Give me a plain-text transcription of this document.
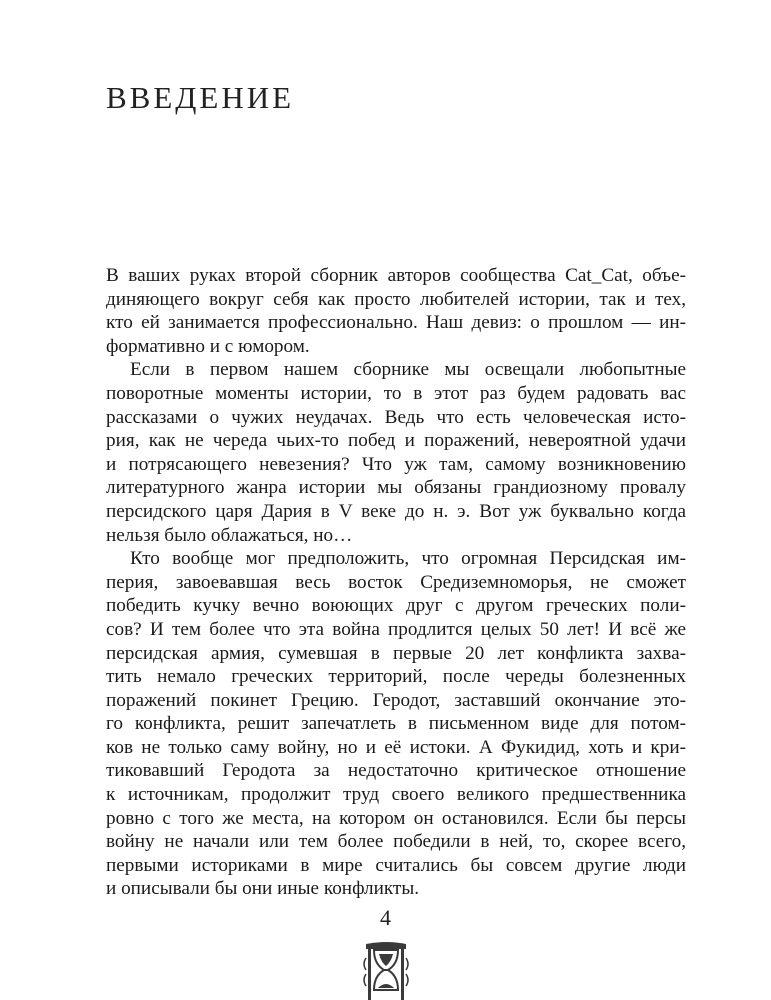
ВВЕДЕНИЕ
В ваших руках второй сборник авторов сообщества Cat_Cat, объе-
диняющего вокруг себя как просто любителей истории, так и тех,
кто ей занимается профессионально. Наш девиз: о прошлом — ин-
формативно и с юмором.
Если в первом нашем сборнике мы освещали любопытные
поворотные моменты истории, то в этот раз будем радовать вас
рассказами о чужих неудачах. Ведь что есть человеческая исто-
рия, как не череда чьих-то побед и поражений, невероятной удачи
и потрясающего невезения? Что уж там, самому возникновению
литературного жанра истории мы обязаны грандиозному провалу
персидского царя Дария в V веке до н. э. Вот уж буквально когда
нельзя было облажаться, но…
Кто вообще мог предположить, что огромная Персидская им-
перия, завоевавшая весь восток Средиземноморья, не сможет
победить кучку вечно воюющих друг с другом греческих поли-
сов? И тем более что эта война продлится целых 50 лет! И всё же
персидская армия, сумевшая в первые 20 лет конфликта захва-
тить немало греческих территорий, после череды болезненных
поражений покинет Грецию. Геродот, заставший окончание это-
го конфликта, решит запечатлеть в письменном виде для потом-
ков не только саму войну, но и её истоки. А Фукидид, хоть и кри-
тиковавший Геродота за недостаточно критическое отношение
к источникам, продолжит труд своего великого предшественника
ровно с того же места, на котором он остановился. Если бы персы
войну не начали или тем более победили в ней, то, скорее всего,
первыми историками в мире считались бы совсем другие люди
и описывали бы они иные конфликты.
4
